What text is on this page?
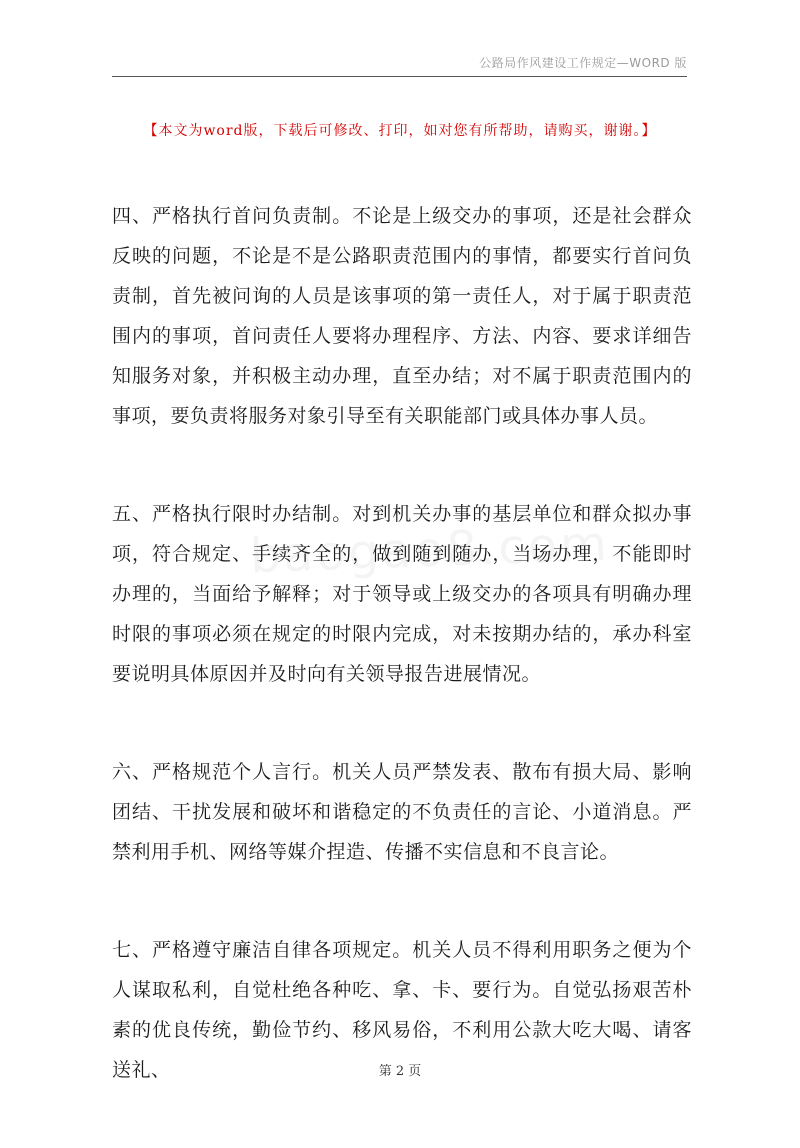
公路局作风建设工作规定—WORD 版
【本文为word版，下载后可修改、打印，如对您有所帮助，请购买，谢谢。】

四、严格执行首问负责制。不论是上级交办的事项，还是社会群众反映的问题，不论是不是公路职责范围内的事情，都要实行首问负责制，首先被问询的人员是该事项的第一责任人，对于属于职责范围内的事项，首问责任人要将办理程序、方法、内容、要求详细告知服务对象，并积极主动办理，直至办结；对不属于职责范围内的事项，要负责将服务对象引导至有关职能部门或具体办事人员。

五、严格执行限时办结制。对到机关办事的基层单位和群众拟办事项，符合规定、手续齐全的，做到随到随办，当场办理，不能即时办理的，当面给予解释；对于领导或上级交办的各项具有明确办理时限的事项必须在规定的时限内完成，对未按期办结的，承办科室要说明具体原因并及时向有关领导报告进展情况。

六、严格规范个人言行。机关人员严禁发表、散布有损大局、影响团结、干扰发展和破坏和谐稳定的不负责任的言论、小道消息。严禁利用手机、网络等媒介捏造、传播不实信息和不良言论。

七、严格遵守廉洁自律各项规定。机关人员不得利用职务之便为个人谋取私利，自觉杜绝各种吃、拿、卡、要行为。自觉弘扬艰苦朴素的优良传统，勤俭节约、移风易俗，不利用公款大吃大喝、请客送礼、	第 2 页
